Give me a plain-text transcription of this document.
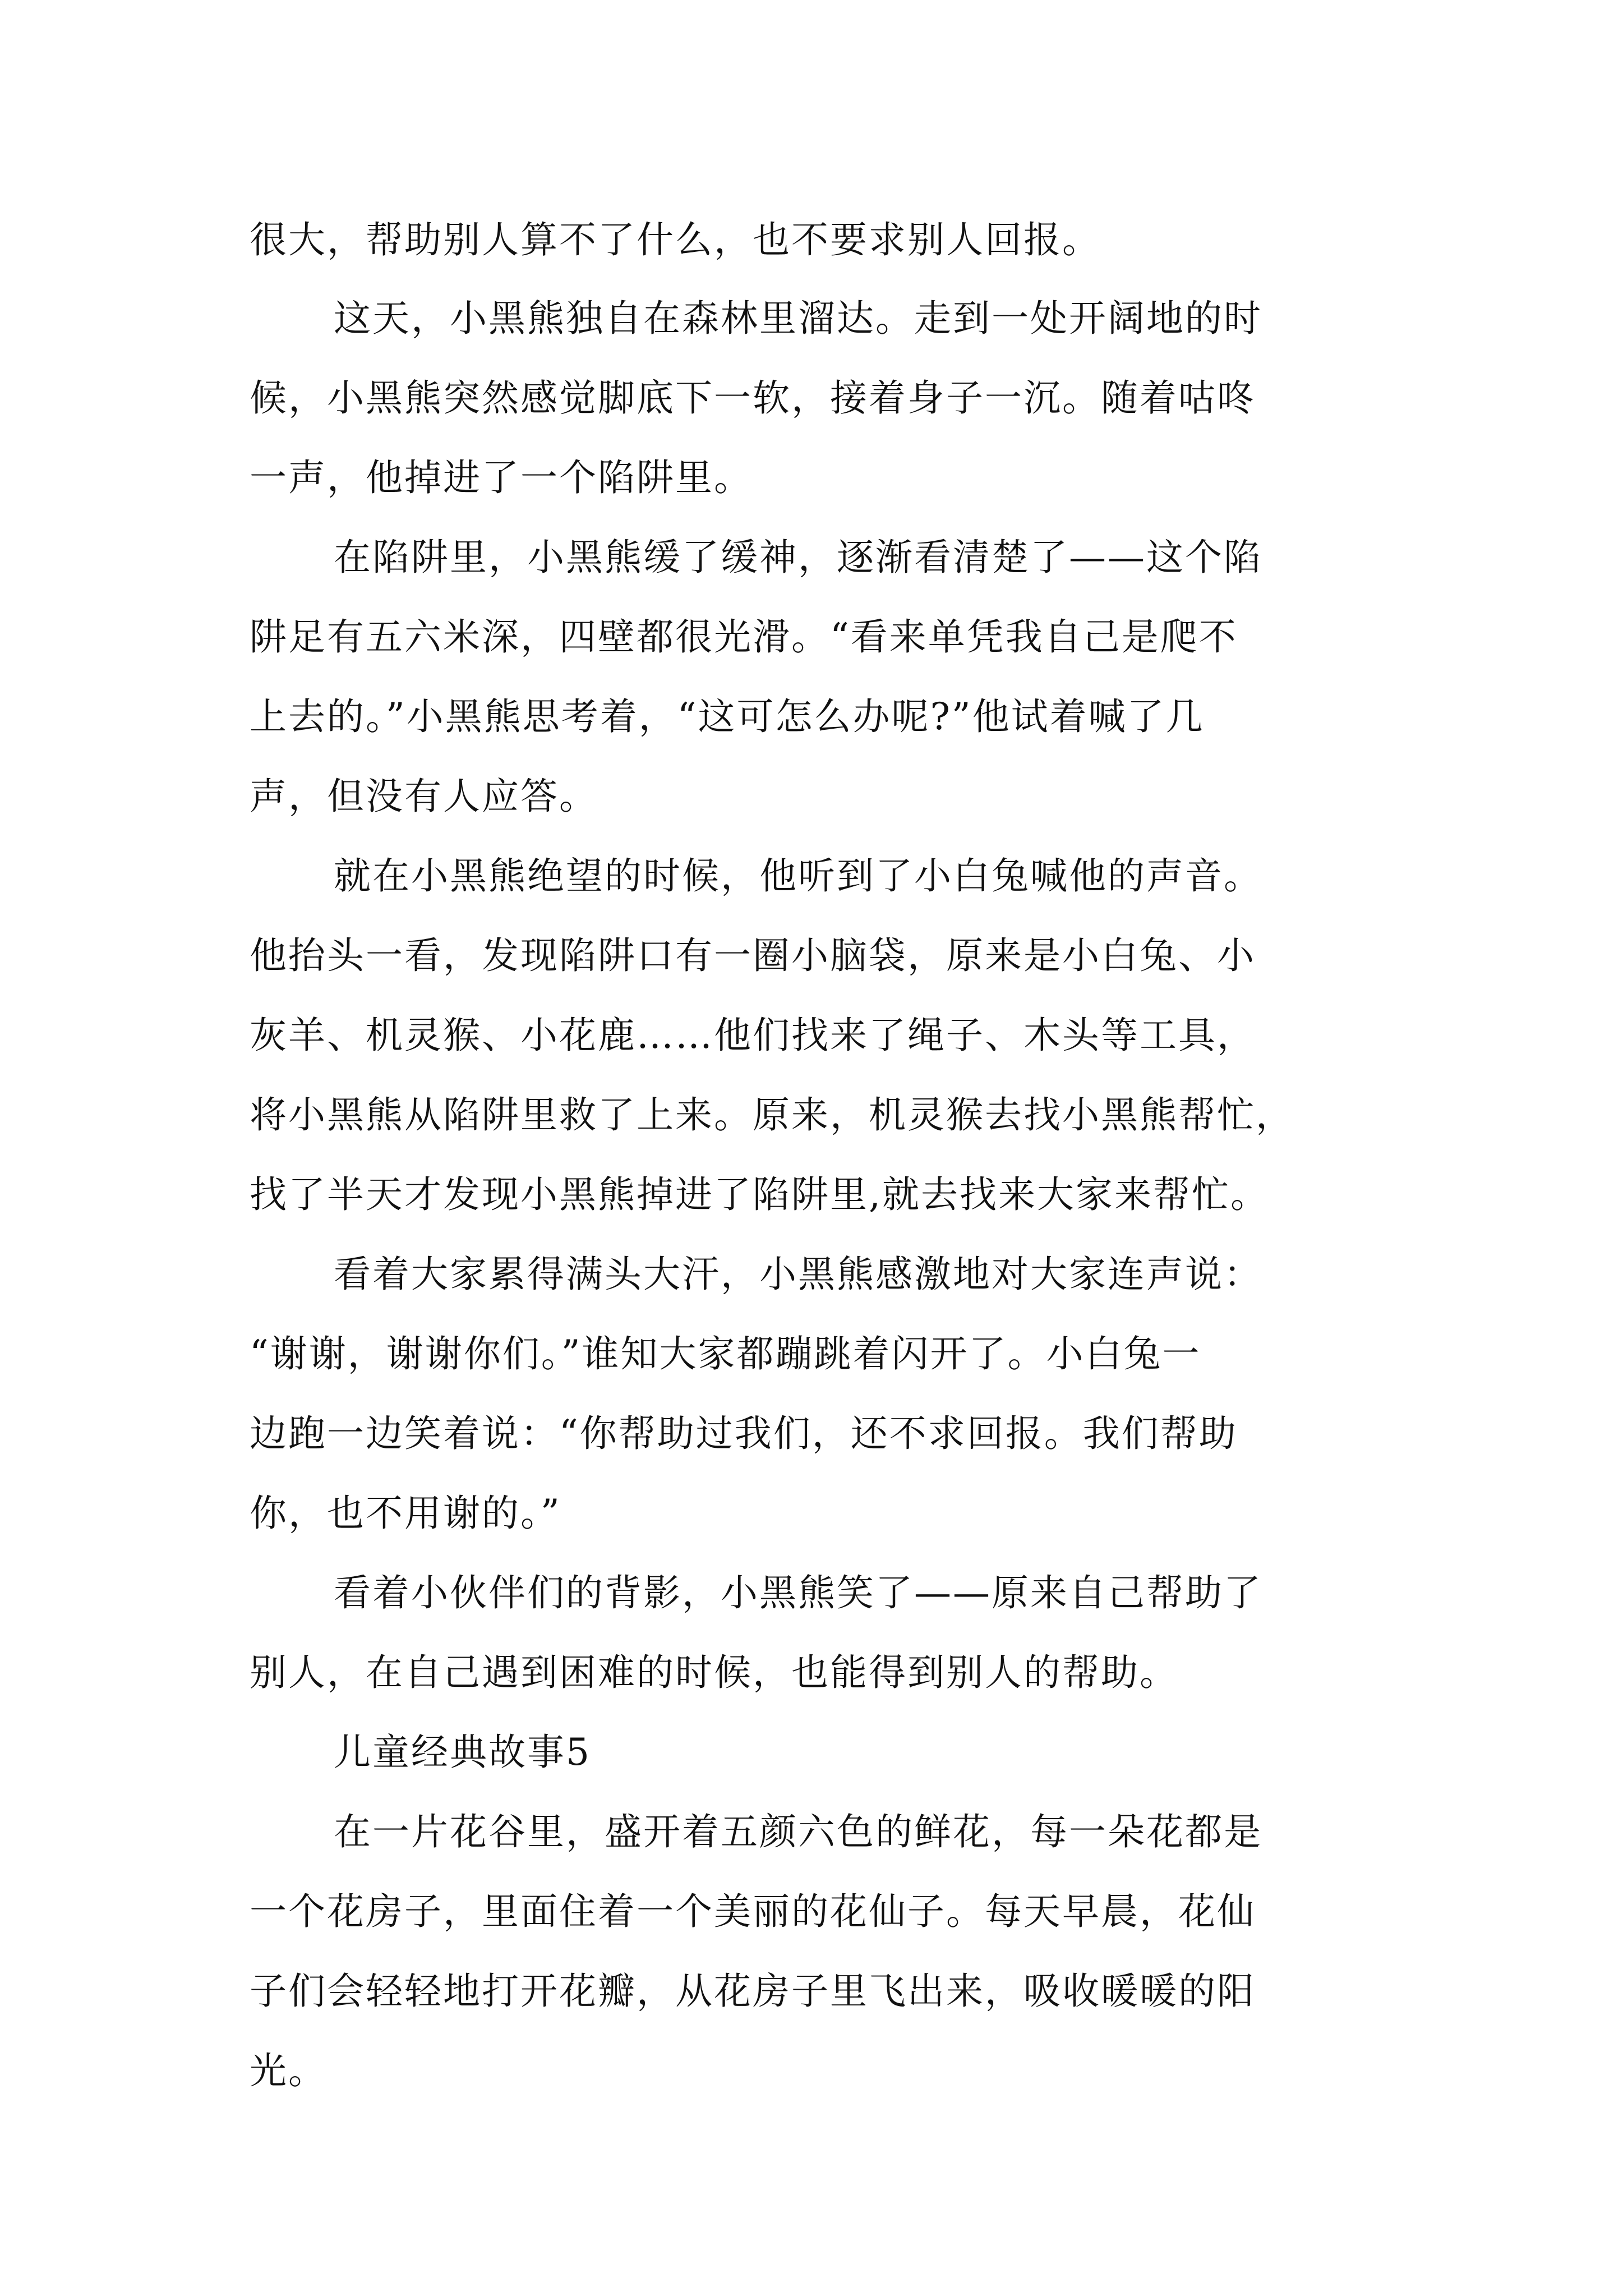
很大，帮助别人算不了什么，也不要求别人回报。
这天，小黑熊独自在森林里溜达。走到一处开阔地的时
候，小黑熊突然感觉脚底下一软，接着身子一沉。随着咕咚
一声，他掉进了一个陷阱里。
在陷阱里，小黑熊缓了缓神，逐渐看清楚了——这个陷
阱足有五六米深，四壁都很光滑。“看来单凭我自己是爬不
上去的。”小黑熊思考着，“这可怎么办呢?”他试着喊了几
声，但没有人应答。
就在小黑熊绝望的时候，他听到了小白兔喊他的声音。
他抬头一看，发现陷阱口有一圈小脑袋，原来是小白兔、小
灰羊、机灵猴、小花鹿……他们找来了绳子、木头等工具，
将小黑熊从陷阱里救了上来。原来，机灵猴去找小黑熊帮忙，
找了半天才发现小黑熊掉进了陷阱里,就去找来大家来帮忙。
看着大家累得满头大汗，小黑熊感激地对大家连声说：
“谢谢，谢谢你们。”谁知大家都蹦跳着闪开了。小白兔一
边跑一边笑着说：“你帮助过我们，还不求回报。我们帮助
你，也不用谢的。”
看着小伙伴们的背影，小黑熊笑了——原来自己帮助了
别人，在自己遇到困难的时候，也能得到别人的帮助。
儿童经典故事5
在一片花谷里，盛开着五颜六色的鲜花，每一朵花都是
一个花房子，里面住着一个美丽的花仙子。每天早晨，花仙
子们会轻轻地打开花瓣，从花房子里飞出来，吸收暖暖的阳
光。
